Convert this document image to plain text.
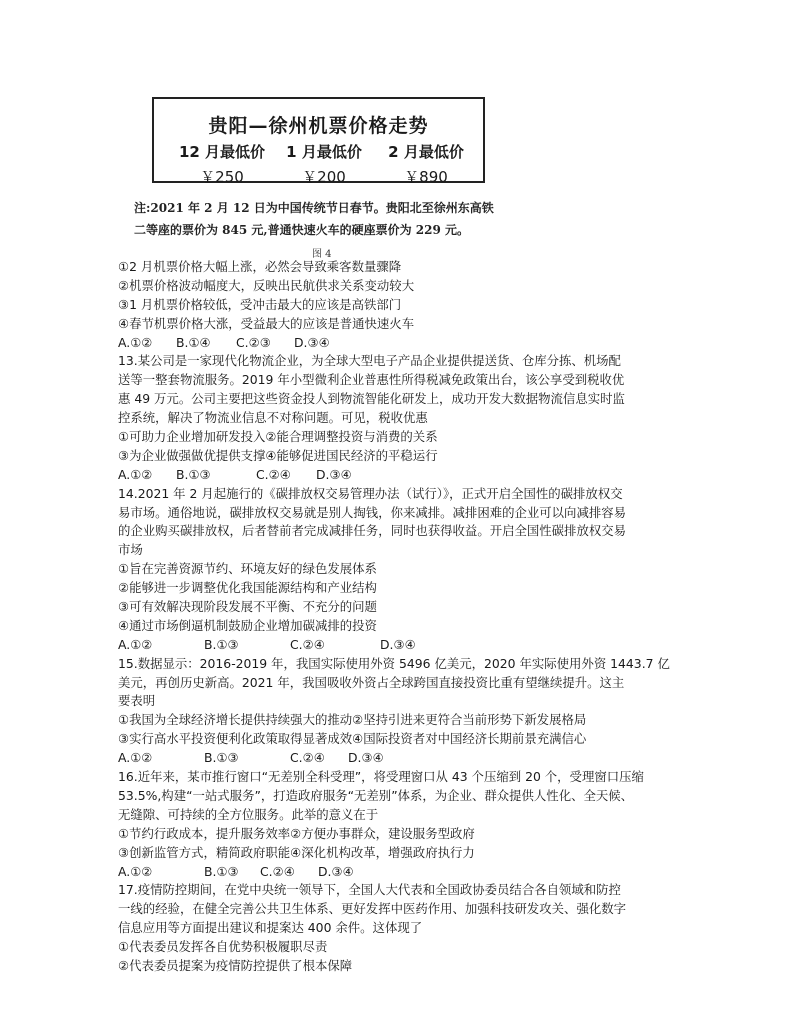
贵阳—徐州机票价格走势
12 月最低价
￥250
1 月最低价
￥200
2 月最低价
￥890
注:2021 年 2 月 12 日为中国传统节日春节。贵阳北至徐州东高铁
二等座的票价为 845 元,普通快速火车的硬座票价为 229 元。
图 4
①2 月机票价格大幅上涨，必然会导致乘客数量骤降
②机票价格波动幅度大，反映出民航供求关系变动较大
③1 月机票价格较低，受冲击最大的应该是高铁部门
④春节机票价格大涨，受益最大的应该是普通快速火车
A.①②	B.①④	C.②③	D.③④
13.某公司是一家现代化物流企业，为全球大型电子产品企业提供提送货、仓库分拣、机场配
送等一整套物流服务。2019 年小型微利企业普惠性所得税减免政策出台，该公享受到税收优
惠 49 万元。公司主要把这些资金投人到物流智能化研发上，成功开发大数据物流信息实时监
控系统，解决了物流业信息不对称问题。可见，税收优惠
①可助力企业增加研发投入②能合理调整投资与消费的关系
③为企业做强做优提供支撑④能够促进国民经济的平稳运行
A.①②	B.①③	C.②④	D.③④
14.2021 年 2 月起施行的《碳排放权交易管理办法（试行）》，正式开启全国性的碳排放权交
易市场。通俗地说，碳排放权交易就是别人掏钱，你来减排。减排困难的企业可以向减排容易
的企业购买碳排放权，后者替前者完成减排任务，同时也获得收益。开启全国性碳排放权交易
市场
①旨在完善资源节约、环境友好的绿色发展体系
②能够进一步调整优化我国能源结构和产业结构
③可有效解决现阶段发展不平衡、不充分的问题
④通过市场倒逼机制鼓励企业增加碳减排的投资
A.①②	B.①③	C.②④	D.③④
15.数据显示：2016-2019 年，我国实际使用外资 5496 亿美元，2020 年实际使用外资 1443.7 亿
美元，再创历史新高。2021 年，我国吸收外资占全球跨国直接投资比重有望继续提升。这主
要表明
①我国为全球经济增长提供持续强大的推动②坚持引进来更符合当前形势下新发展格局
③实行高水平投资便利化政策取得显著成效④国际投资者对中国经济长期前景充满信心
A.①②	B.①③	C.②④	D.③④
16.近年来，某市推行窗口“无差别全科受理”，将受理窗口从 43 个压缩到 20 个，受理窗口压缩
53.5%,构建“一站式服务”，打造政府服务“无差别”体系，为企业、群众提供人性化、全天候、
无缝隙、可持续的全方位服务。此举的意义在于
①节约行政成本，提升服务效率②方便办事群众，建设服务型政府
③创新监管方式，精简政府职能④深化机构改革，增强政府执行力
A.①②	B.①③	C.②④	D.③④
17.疫情防控期间，在党中央统一领导下，全国人大代表和全国政协委员结合各自领域和防控
一线的经验，在健全完善公共卫生体系、更好发挥中医药作用、加强科技研发攻关、强化数字
信息应用等方面提出建议和提案达 400 余件。这体现了
①代表委员发挥各自优势积极履职尽责
②代表委员提案为疫情防控提供了根本保障
